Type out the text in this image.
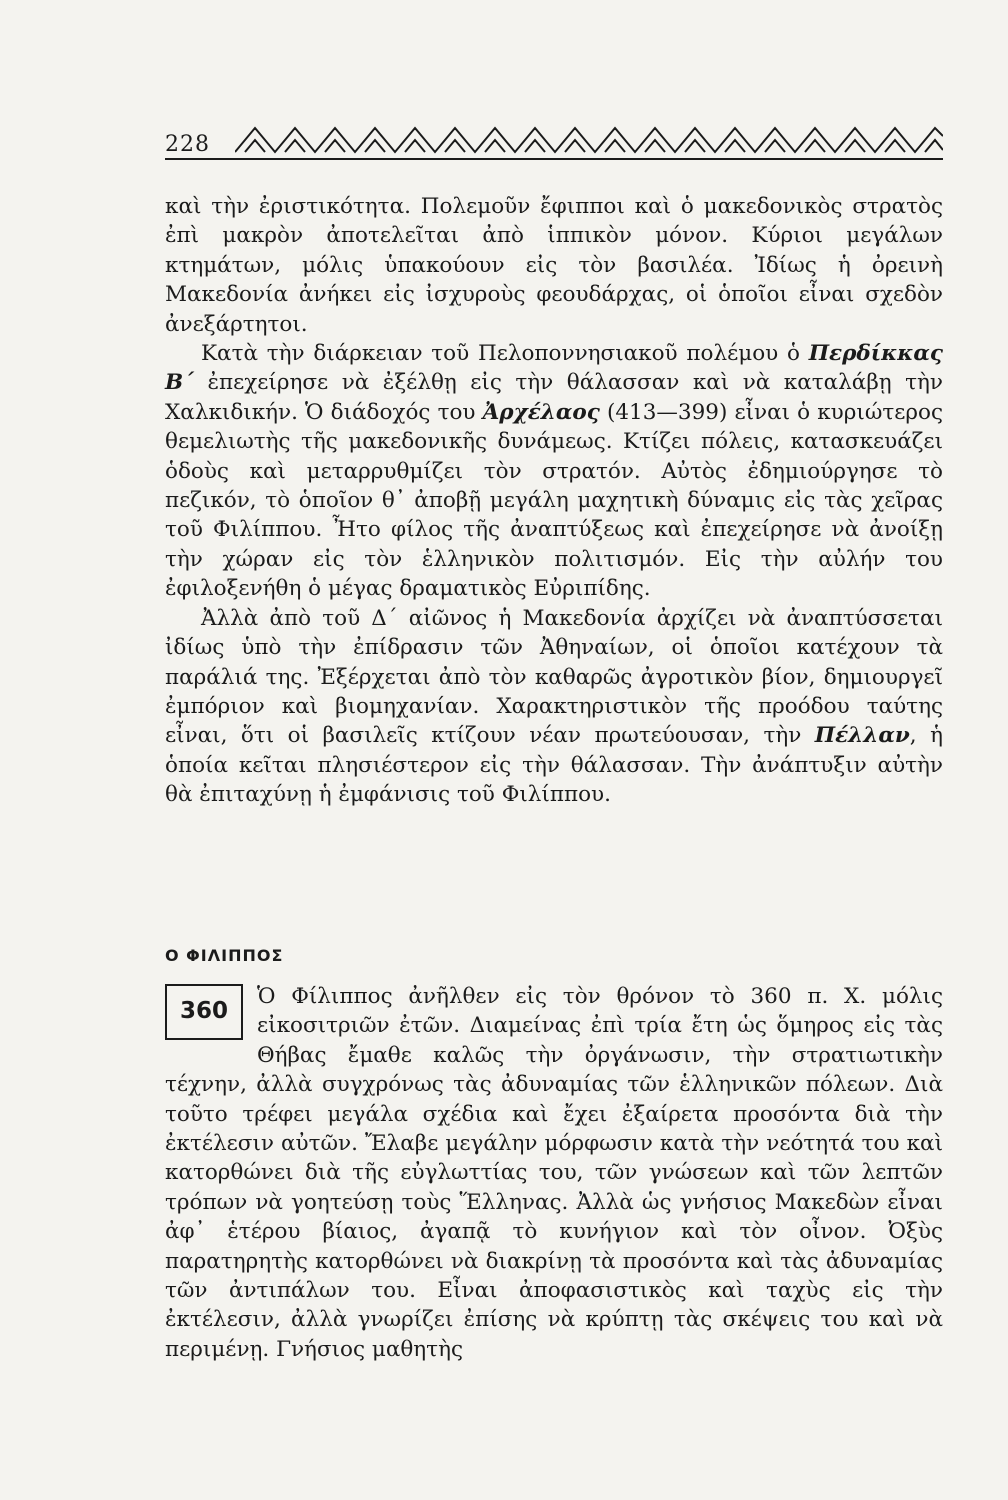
228

καὶ τὴν ἐριστικότητα. Πολεμοῦν ἔφιπποι καὶ ὁ μακεδονικὸς στρατὸς ἐπὶ μακρὸν ἀποτελεῖται ἀπὸ ἱππικὸν μόνον. Κύριοι μεγάλων κτημάτων, μόλις ὑπακούουν εἰς τὸν βασιλέα. Ἰδίως ἡ ὀρεινὴ Μακεδονία ἀνήκει εἰς ἰσχυροὺς φεουδάρχας, οἱ ὁποῖοι εἶναι σχεδὸν ἀνεξάρτητοι.

Κατὰ τὴν διάρκειαν τοῦ Πελοποννησιακοῦ πολέμου ὁ Περδίκκας Β΄ ἐπεχείρησε νὰ ἐξέλθῃ εἰς τὴν θάλασσαν καὶ νὰ καταλάβῃ τὴν Χαλκιδικήν. Ὁ διάδοχός του Ἀρχέλαος (413—399) εἶναι ὁ κυριώτερος θεμελιωτὴς τῆς μακεδονικῆς δυνάμεως. Κτίζει πόλεις, κατασκευάζει ὁδοὺς καὶ μεταρρυθμίζει τὸν στρατόν. Αὐτὸς ἐδημιούργησε τὸ πεζικόν, τὸ ὁποῖον θ᾽ ἀποβῇ μεγάλη μαχητικὴ δύναμις εἰς τὰς χεῖρας τοῦ Φιλίππου. Ἦτο φίλος τῆς ἀναπτύξεως καὶ ἐπεχείρησε νὰ ἀνοίξῃ τὴν χώραν εἰς τὸν ἑλληνικὸν πολιτισμόν. Εἰς τὴν αὐλήν του ἐφιλοξενήθη ὁ μέγας δραματικὸς Εὐριπίδης.

Ἀλλὰ ἀπὸ τοῦ Δ΄ αἰῶνος ἡ Μακεδονία ἀρχίζει νὰ ἀναπτύσσεται ἰδίως ὑπὸ τὴν ἐπίδρασιν τῶν Ἀθηναίων, οἱ ὁποῖοι κατέχουν τὰ παράλιά της. Ἐξέρχεται ἀπὸ τὸν καθαρῶς ἀγροτικὸν βίον, δημιουργεῖ ἐμπόριον καὶ βιομηχανίαν. Χαρακτηριστικὸν τῆς προόδου ταύτης εἶναι, ὅτι οἱ βασιλεῖς κτίζουν νέαν πρωτεύουσαν, τὴν Πέλλαν, ἡ ὁποία κεῖται πλησιέστερον εἰς τὴν θάλασσαν. Τὴν ἀνάπτυξιν αὐτὴν θὰ ἐπιταχύνῃ ἡ ἐμφάνισις τοῦ Φιλίππου.

Ο ΦΙΛΙΠΠΟΣ

360
Ὁ Φίλιππος ἀνῆλθεν εἰς τὸν θρόνον τὸ 360 π. Χ. μόλις εἰκοσιτριῶν ἐτῶν. Διαμείνας ἐπὶ τρία ἔτη ὡς ὅμηρος εἰς τὰς Θήβας ἔμαθε καλῶς τὴν ὀργάνωσιν, τὴν στρατιωτικὴν τέχνην, ἀλλὰ συγχρόνως τὰς ἀδυναμίας τῶν ἑλληνικῶν πόλεων. Διὰ τοῦτο τρέφει μεγάλα σχέδια καὶ ἔχει ἐξαίρετα προσόντα διὰ τὴν ἐκτέλεσιν αὐτῶν. Ἔλαβε μεγάλην μόρφωσιν κατὰ τὴν νεότητά του καὶ κατορθώνει διὰ τῆς εὐγλωττίας του, τῶν γνώσεων καὶ τῶν λεπτῶν τρόπων νὰ γοητεύσῃ τοὺς Ἕλληνας. Ἀλλὰ ὡς γνήσιος Μακεδὼν εἶναι ἀφ᾽ ἑτέρου βίαιος, ἀγαπᾷ τὸ κυνήγιον καὶ τὸν οἶνον. Ὀξὺς παρατηρητὴς κατορθώνει νὰ διακρίνῃ τὰ προσόντα καὶ τὰς ἀδυναμίας τῶν ἀντιπάλων του. Εἶναι ἀποφασιστικὸς καὶ ταχὺς εἰς τὴν ἐκτέλεσιν, ἀλλὰ γνωρίζει ἐπίσης νὰ κρύπτῃ τὰς σκέψεις του καὶ νὰ περιμένῃ. Γνήσιος μαθητὴς
